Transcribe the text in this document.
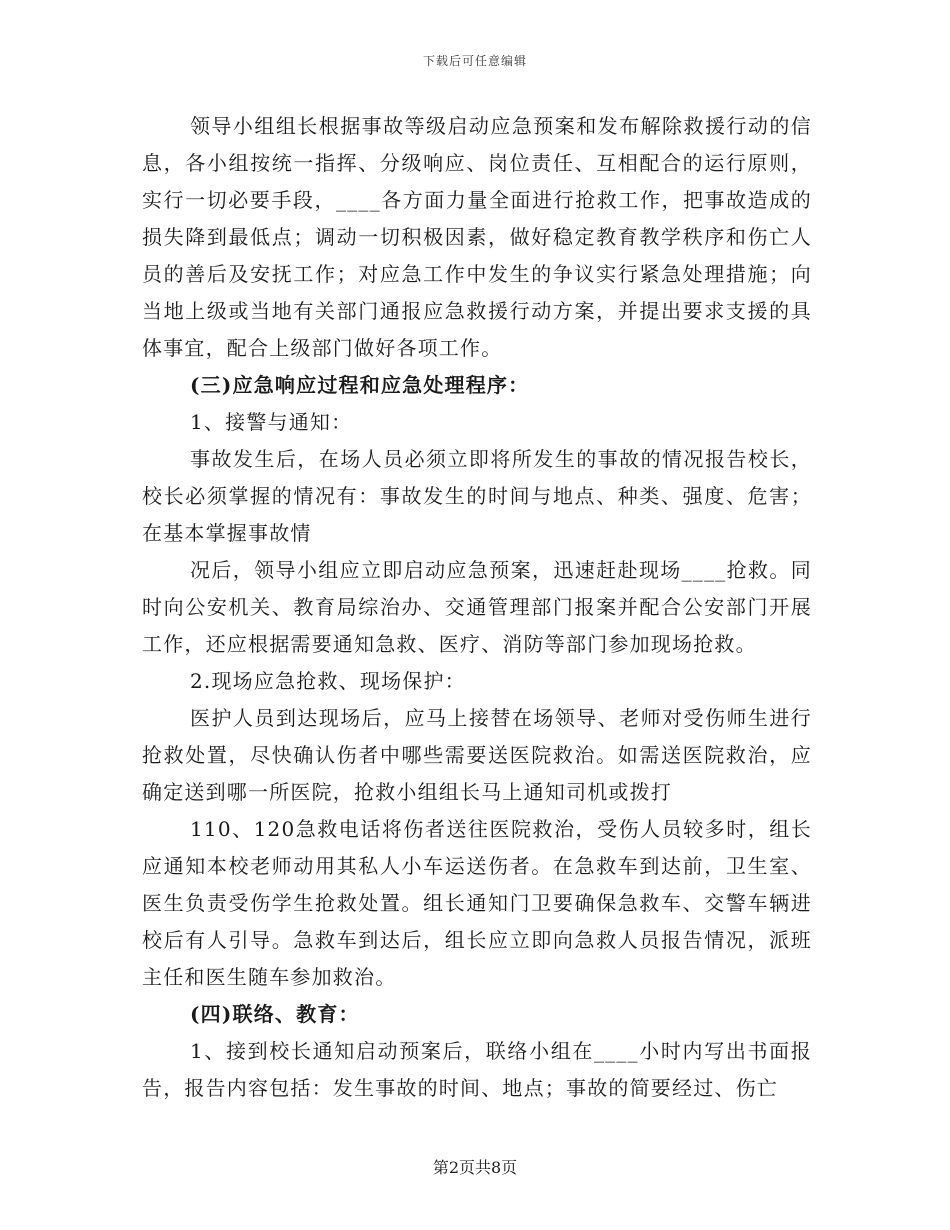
下载后可任意编辑

领导小组组长根据事故等级启动应急预案和发布解除救援行动的信息，各小组按统一指挥、分级响应、岗位责任、互相配合的运行原则，实行一切必要手段，____各方面力量全面进行抢救工作，把事故造成的损失降到最低点；调动一切积极因素，做好稳定教育教学秩序和伤亡人员的善后及安抚工作；对应急工作中发生的争议实行紧急处理措施；向当地上级或当地有关部门通报应急救援行动方案，并提出要求支援的具体事宜，配合上级部门做好各项工作。

(三)应急响应过程和应急处理程序：

1、接警与通知：

事故发生后，在场人员必须立即将所发生的事故的情况报告校长，校长必须掌握的情况有：事故发生的时间与地点、种类、强度、危害；在基本掌握事故情

况后，领导小组应立即启动应急预案，迅速赶赴现场____抢救。同时向公安机关、教育局综治办、交通管理部门报案并配合公安部门开展工作，还应根据需要通知急救、医疗、消防等部门参加现场抢救。

2.现场应急抢救、现场保护：

医护人员到达现场后，应马上接替在场领导、老师对受伤师生进行抢救处置，尽快确认伤者中哪些需要送医院救治。如需送医院救治，应确定送到哪一所医院，抢救小组组长马上通知司机或拨打

110、120急救电话将伤者送往医院救治，受伤人员较多时，组长应通知本校老师动用其私人小车运送伤者。在急救车到达前，卫生室、医生负责受伤学生抢救处置。组长通知门卫要确保急救车、交警车辆进校后有人引导。急救车到达后，组长应立即向急救人员报告情况，派班主任和医生随车参加救治。

(四)联络、教育：

1、接到校长通知启动预案后，联络小组在____小时内写出书面报告，报告内容包括：发生事故的时间、地点；事故的简要经过、伤亡

第2页共8页
